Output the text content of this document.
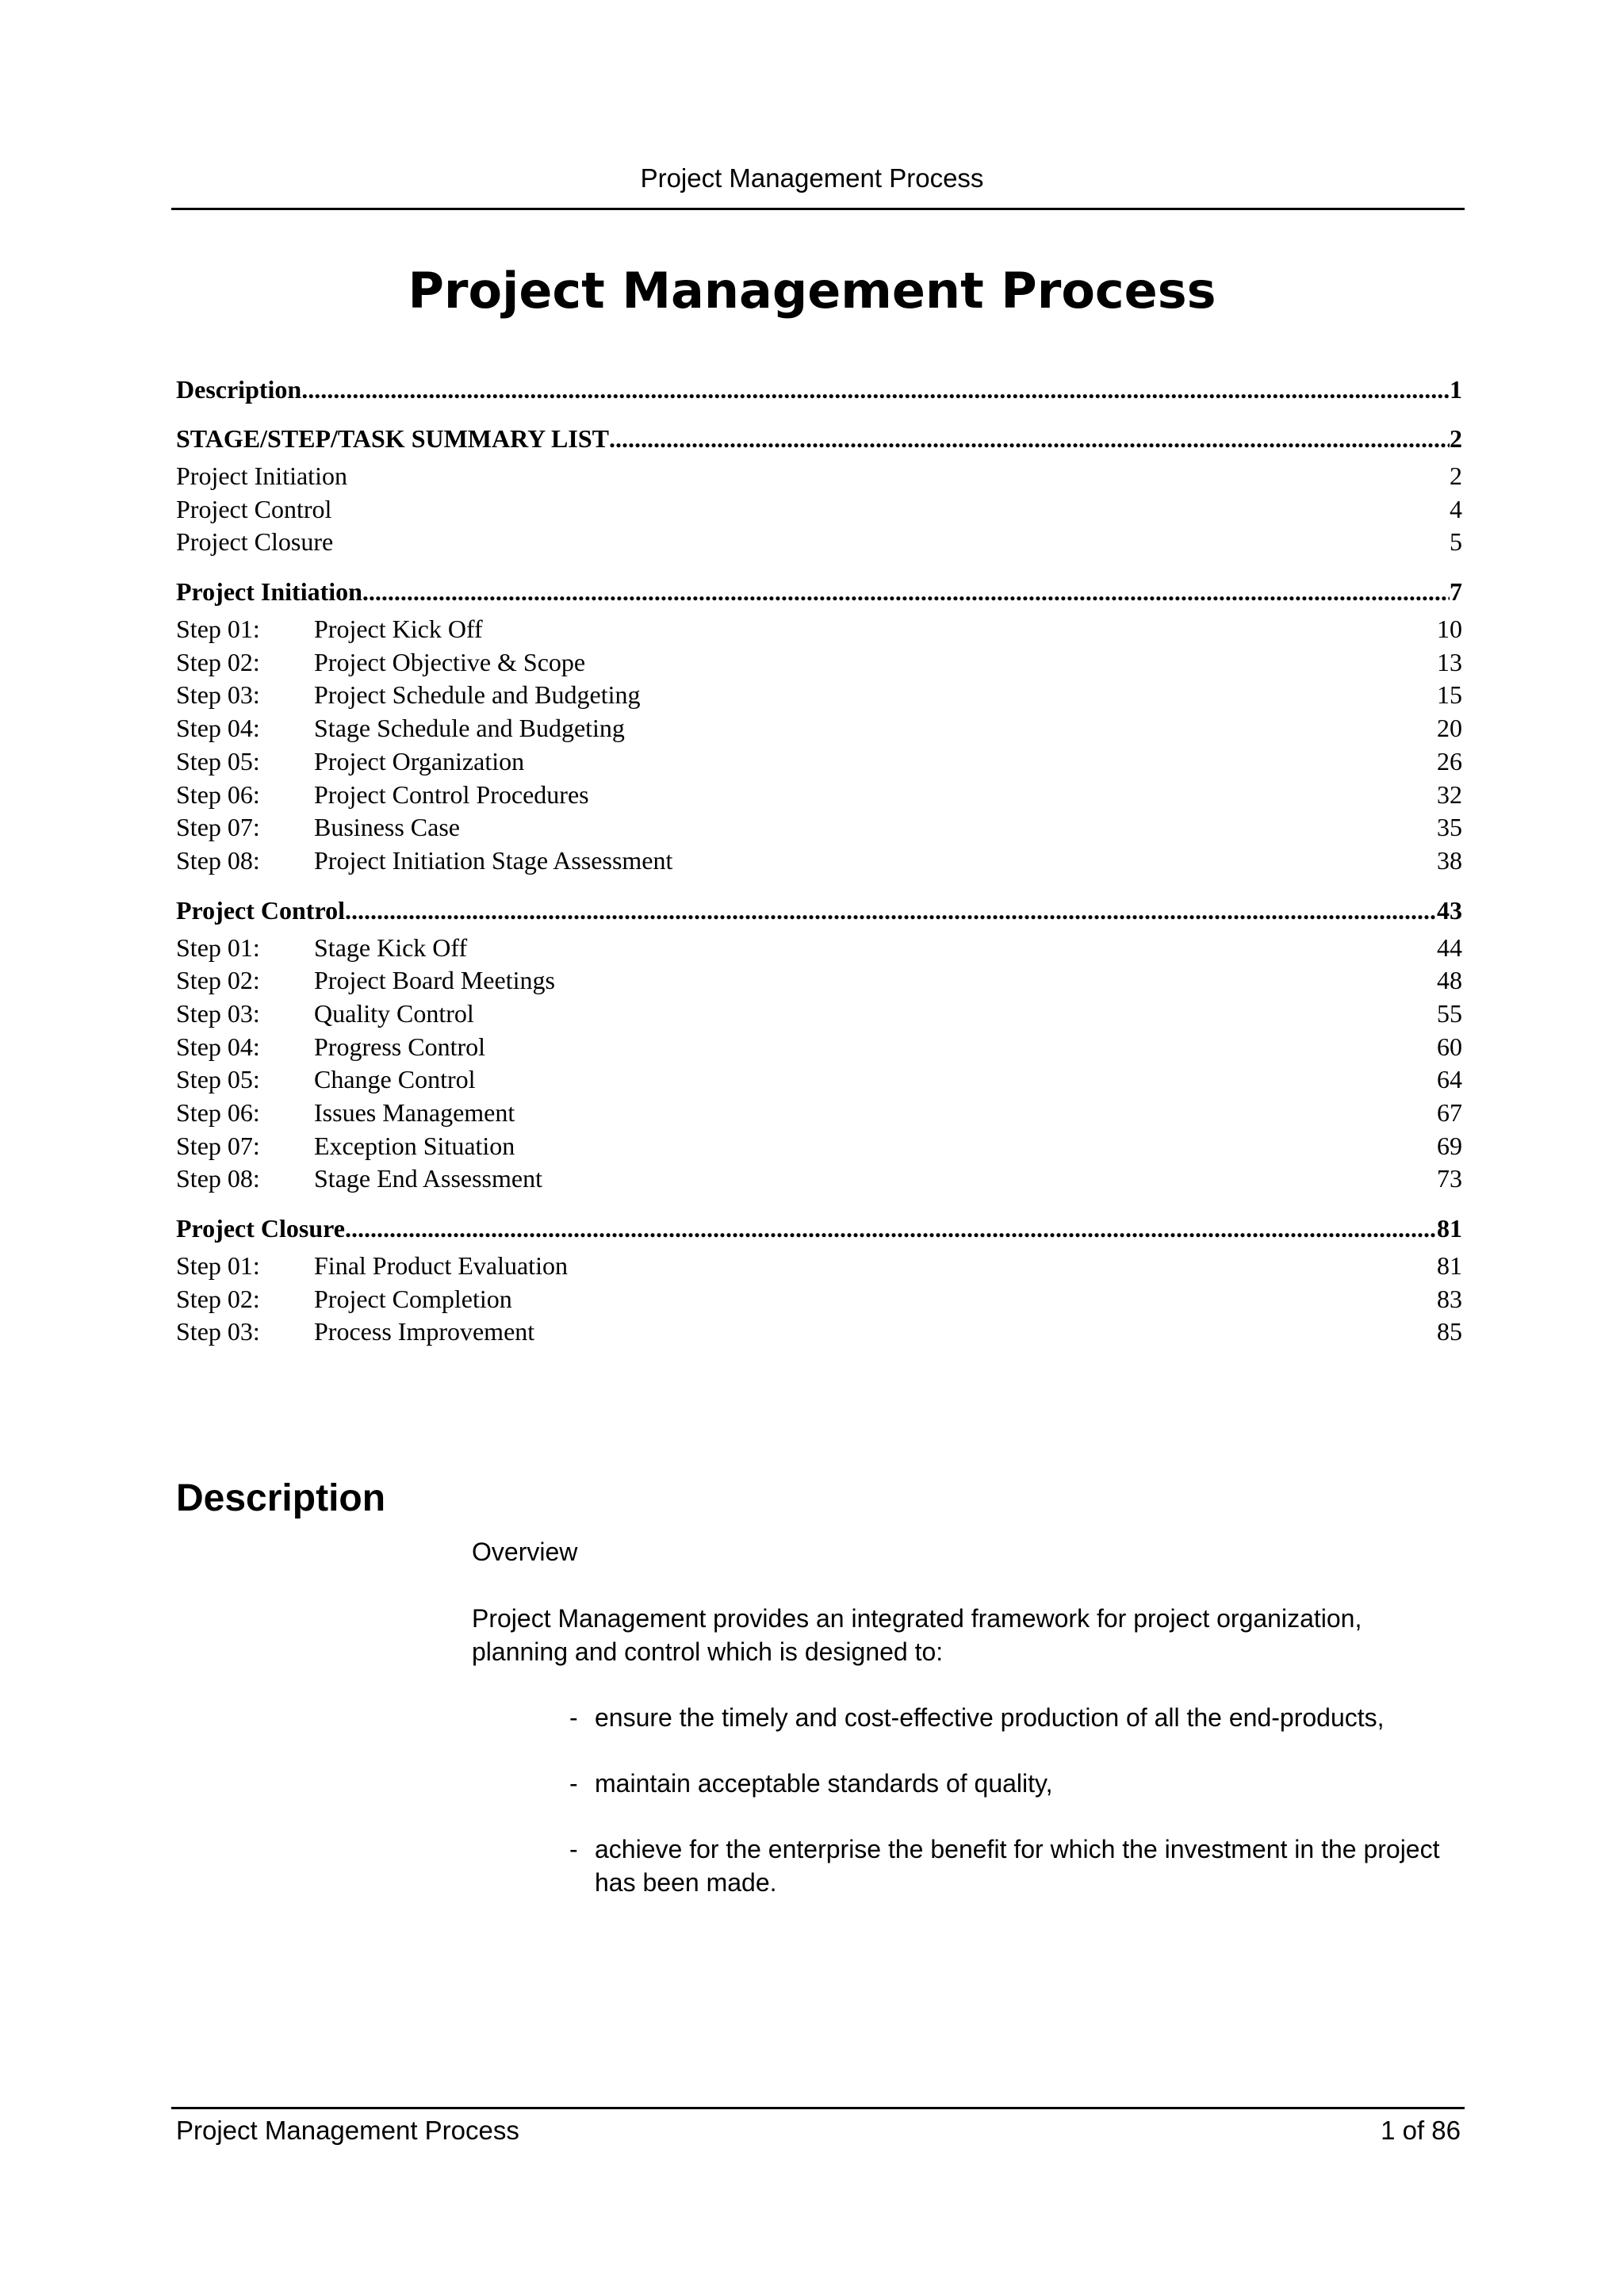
Project Management Process
Project Management Process
Description .....	1
STAGE/STEP/TASK SUMMARY LIST .....	2
Project Initiation	2
Project Control	4
Project Closure	5
Project Initiation .....	7
Step 01:	Project Kick Off	10
Step 02:	Project Objective & Scope	13
Step 03:	Project Schedule and Budgeting	15
Step 04:	Stage Schedule and Budgeting	20
Step 05:	Project Organization	26
Step 06:	Project Control Procedures	32
Step 07:	Business Case	35
Step 08:	Project Initiation Stage Assessment	38
Project Control .....	43
Step 01:	Stage Kick Off	44
Step 02:	Project Board Meetings	48
Step 03:	Quality Control	55
Step 04:	Progress Control	60
Step 05:	Change Control	64
Step 06:	Issues Management	67
Step 07:	Exception Situation	69
Step 08:	Stage End Assessment	73
Project Closure .....	81
Step 01:	Final Product Evaluation	81
Step 02:	Project Completion	83
Step 03:	Process Improvement	85
Description
Overview
Project Management provides an integrated framework for project organization, planning and control which is designed to:
- ensure the timely and cost-effective production of all the end-products,
- maintain acceptable standards of quality,
- achieve for the enterprise the benefit for which the investment in the project has been made.
Project Management Process	1 of 86
